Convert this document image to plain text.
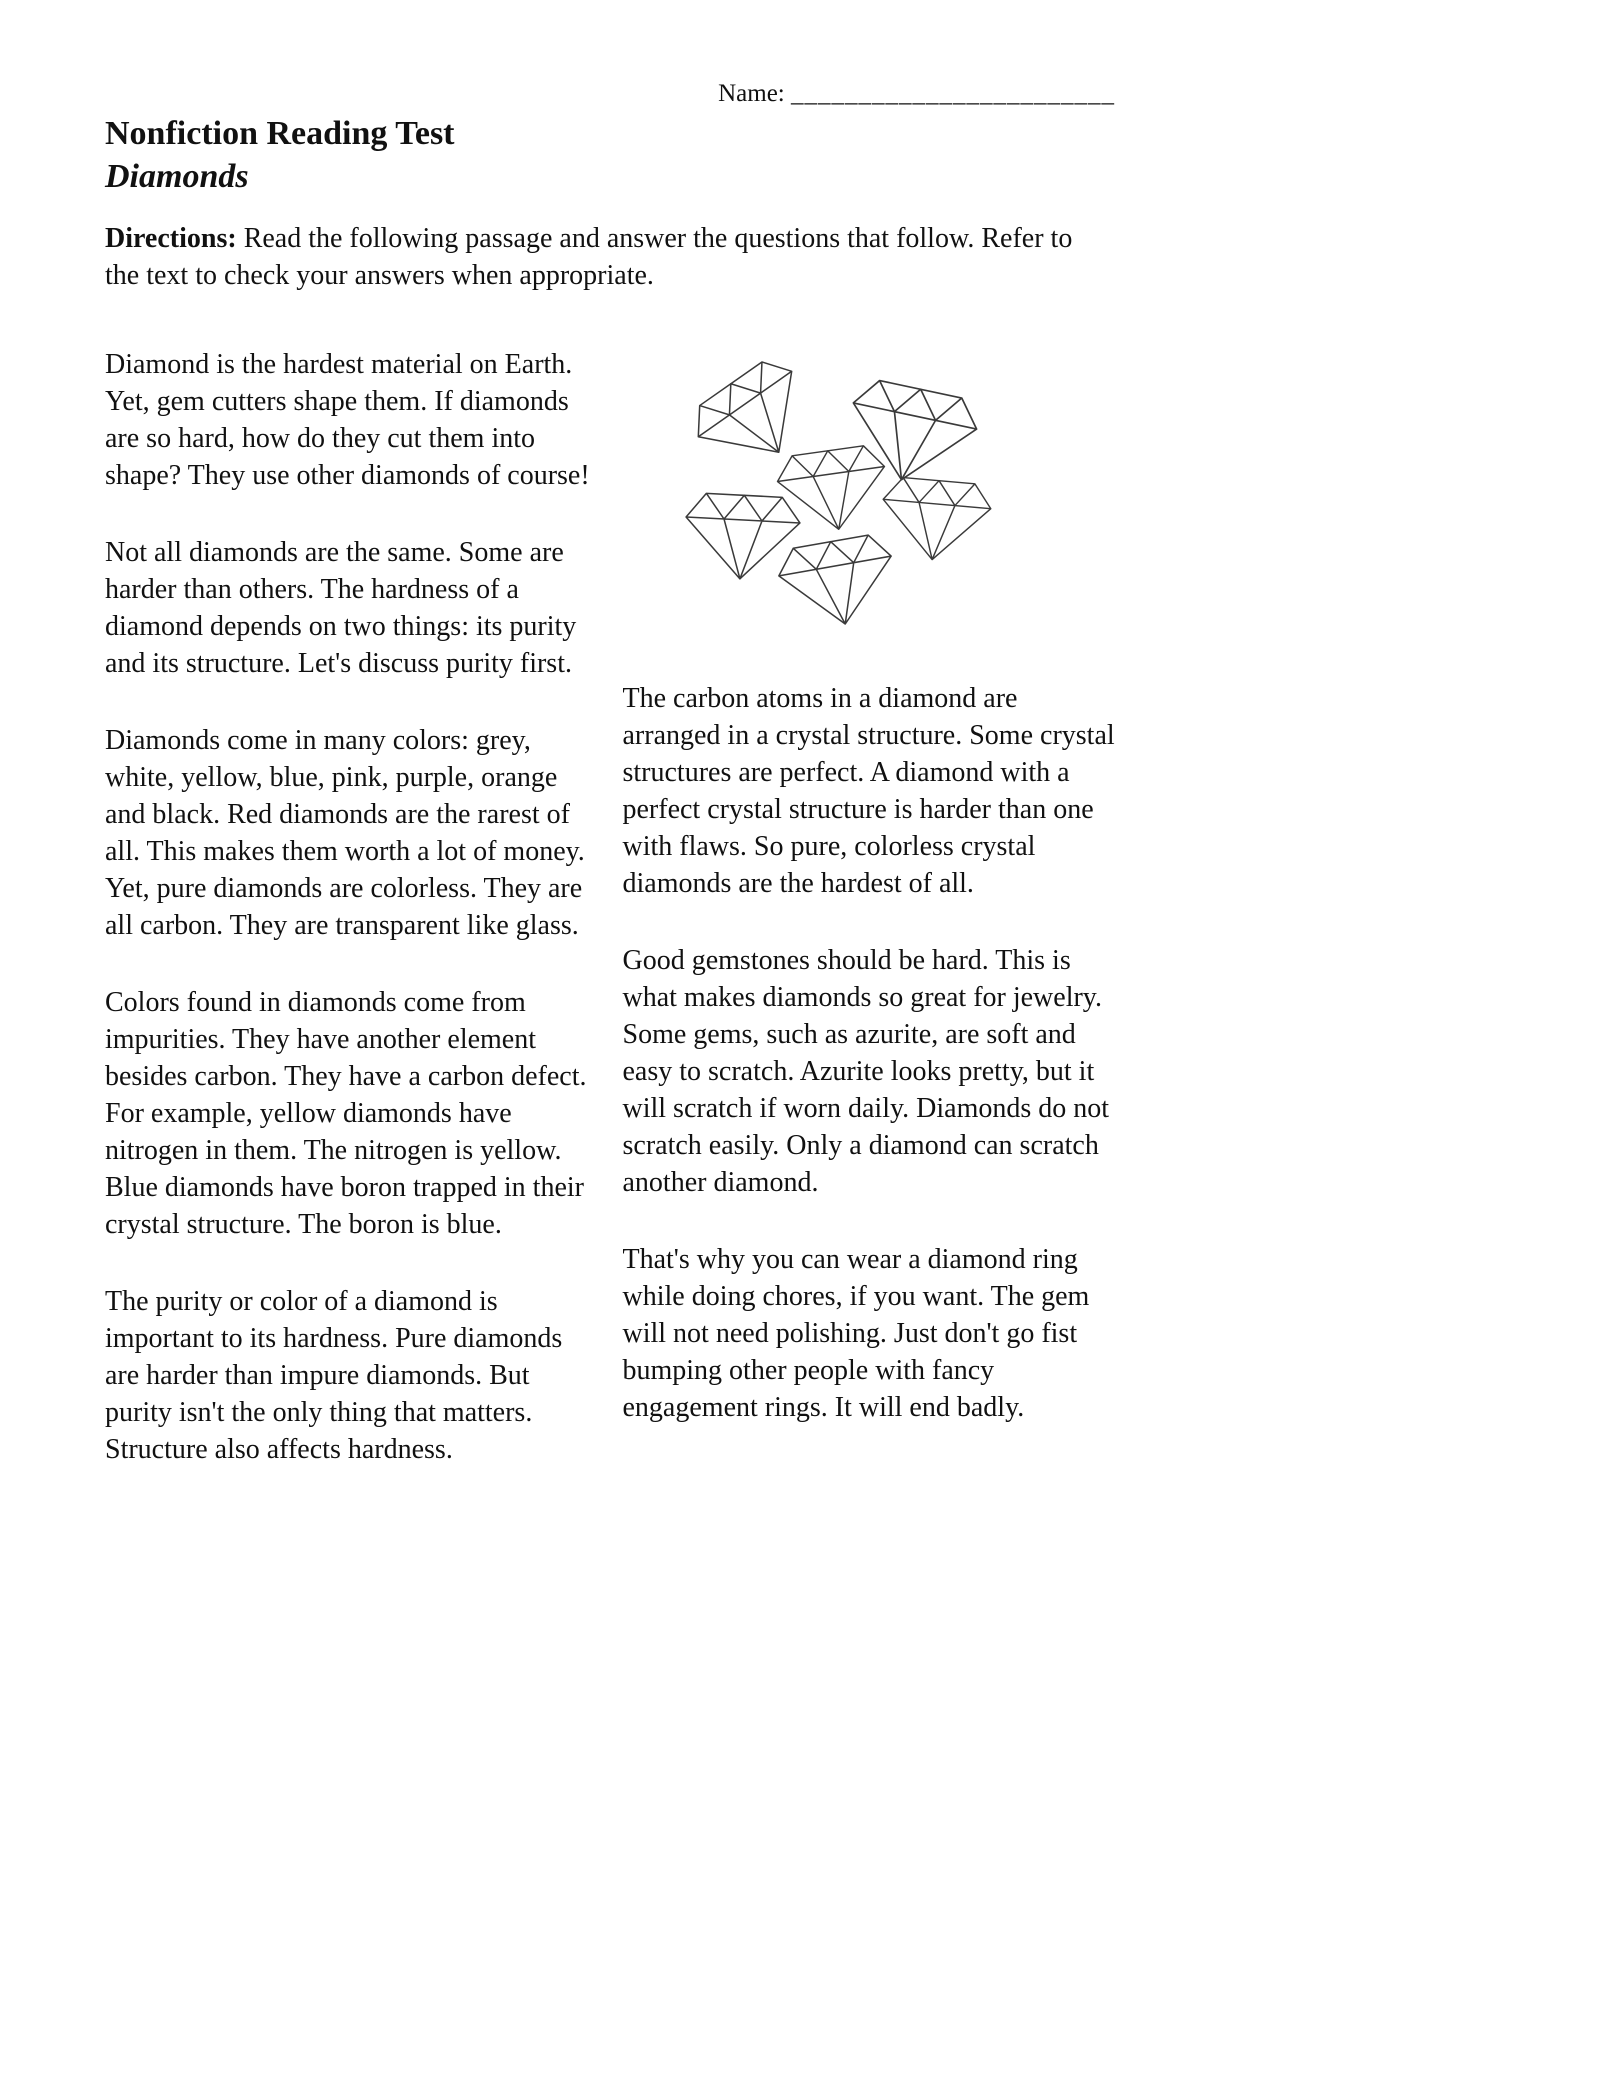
Name: ________________________
Nonfiction Reading Test
Diamonds

Directions: Read the following passage and answer the questions that follow. Refer to the text to check your answers when appropriate.

Diamond is the hardest material on Earth. Yet, gem cutters shape them. If diamonds are so hard, how do they cut them into shape? They use other diamonds of course!

Not all diamonds are the same. Some are harder than others. The hardness of a diamond depends on two things: its purity and its structure. Let's discuss purity first.

Diamonds come in many colors: grey, white, yellow, blue, pink, purple, orange and black. Red diamonds are the rarest of all. This makes them worth a lot of money. Yet, pure diamonds are colorless. They are all carbon. They are transparent like glass.

Colors found in diamonds come from impurities. They have another element besides carbon. They have a carbon defect. For example, yellow diamonds have nitrogen in them. The nitrogen is yellow. Blue diamonds have boron trapped in their crystal structure. The boron is blue.

The purity or color of a diamond is important to its hardness. Pure diamonds are harder than impure diamonds. But purity isn't the only thing that matters. Structure also affects hardness.

The carbon atoms in a diamond are arranged in a crystal structure. Some crystal structures are perfect. A diamond with a perfect crystal structure is harder than one with flaws. So pure, colorless crystal diamonds are the hardest of all.

Good gemstones should be hard. This is what makes diamonds so great for jewelry. Some gems, such as azurite, are soft and easy to scratch. Azurite looks pretty, but it will scratch if worn daily. Diamonds do not scratch easily. Only a diamond can scratch another diamond.

That's why you can wear a diamond ring while doing chores, if you want. The gem will not need polishing. Just don't go fist bumping other people with fancy engagement rings. It will end badly.
